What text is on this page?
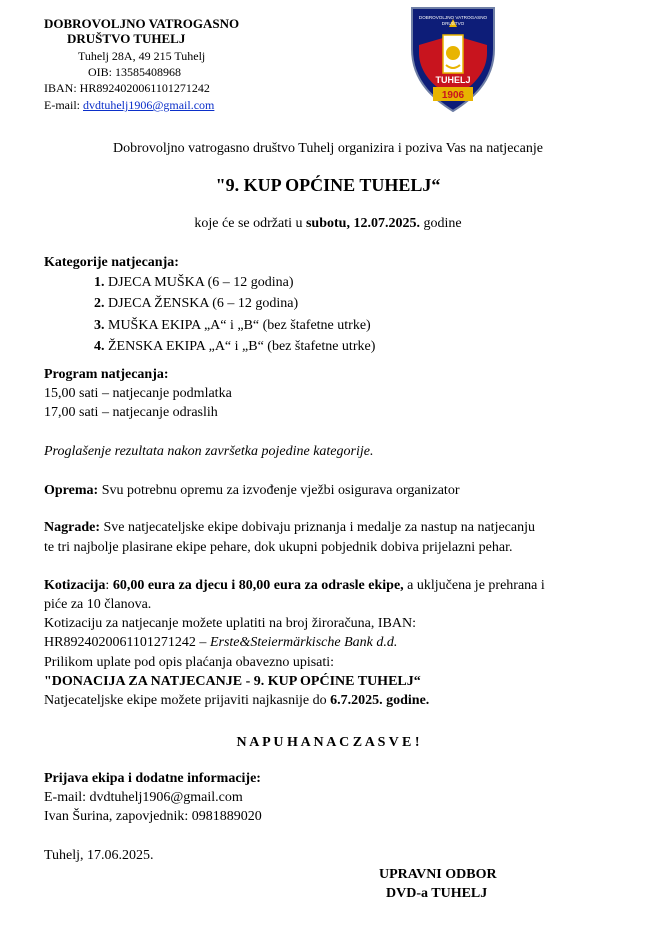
DOBROVOLJNO VATROGASNO
DRUŠTVO TUHELJ
Tuhelj 28A, 49 215 Tuhelj
OIB: 13585408968
IBAN: HR8924020061101271242
E-mail: dvdtuhelj1906@gmail.com
1906
TUHELJ
DOBROVOLJNO VATROGASNO
DRUŠTVO
Dobrovoljno vatrogasno društvo Tuhelj organizira i poziva Vas na natjecanje
"9. KUP OPĆINE TUHELJ“
koje će se održati u subotu, 12.07.2025. godine
Kategorije natjecanja:
1. DJECA MUŠKA (6 – 12 godina)
2. DJECA ŽENSKA (6 – 12 godina)
3. MUŠKA EKIPA „A“ i „B“ (bez štafetne utrke)
4. ŽENSKA EKIPA „A“ i „B“ (bez štafetne utrke)
Program natjecanja:
15,00 sati – natjecanje podmlatka
17,00 sati – natjecanje odraslih
Proglašenje rezultata nakon završetka pojedine kategorije.
Oprema: Svu potrebnu opremu za izvođenje vježbi osigurava organizator
Nagrade: Sve natjecateljske ekipe dobivaju priznanja i medalje za nastup na natjecanju
te tri najbolje plasirane ekipe pehare, dok ukupni pobjednik dobiva prijelazni pehar.
Kotizacija: 60,00 eura za djecu i 80,00 eura za odrasle ekipe, a uključena je prehrana i
piće za 10 članova.
Kotizaciju za natjecanje možete uplatiti na broj žiroračuna, IBAN:
HR8924020061101271242 – Erste&Steiermärkische Bank d.d.
Prilikom uplate pod opis plaćanja obavezno upisati:
"DONACIJA ZA NATJECANJE - 9. KUP OPĆINE TUHELJ“
Natjecateljske ekipe možete prijaviti najkasnije do 6.7.2025. godine.
N A P U H A N A C Z A S V E !
Prijava ekipa i dodatne informacije:
E-mail: dvdtuhelj1906@gmail.com
Ivan Šurina, zapovjednik: 0981889020
Tuhelj, 17.06.2025.
UPRAVNI ODBOR
DVD-a TUHELJ
